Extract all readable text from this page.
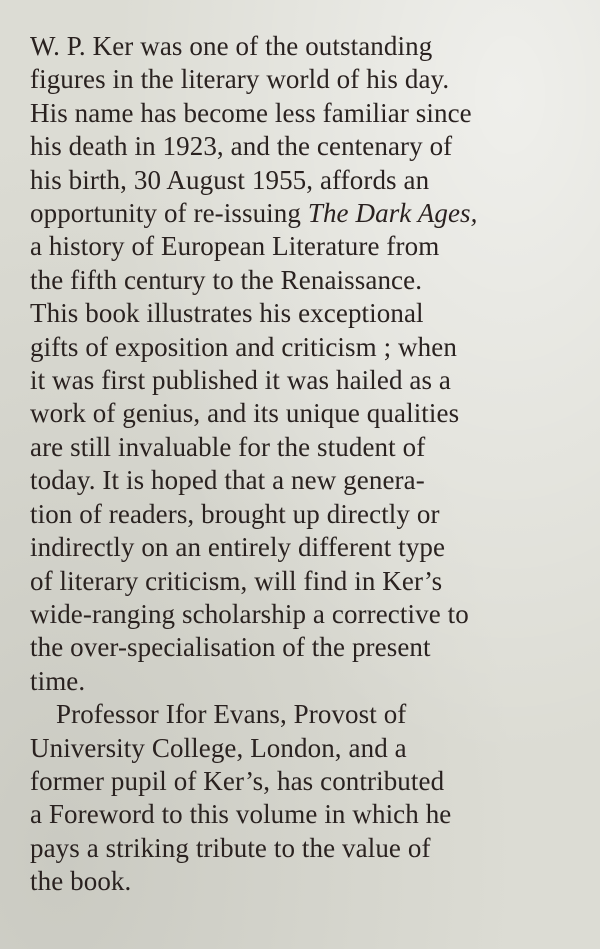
W. P. Ker was one of the outstanding
figures in the literary world of his day.
His name has become less familiar since
his death in 1923, and the centenary of
his birth, 30 August 1955, affords an
opportunity of re-issuing The Dark Ages,
a history of European Literature from
the fifth century to the Renaissance.
This book illustrates his exceptional
gifts of exposition and criticism ; when
it was first published it was hailed as a
work of genius, and its unique qualities
are still invaluable for the student of
today. It is hoped that a new genera-
tion of readers, brought up directly or
indirectly on an entirely different type
of literary criticism, will find in Ker’s
wide-ranging scholarship a corrective to
the over-specialisation of the present
time.
Professor Ifor Evans, Provost of
University College, London, and a
former pupil of Ker’s, has contributed
a Foreword to this volume in which he
pays a striking tribute to the value of
the book.
